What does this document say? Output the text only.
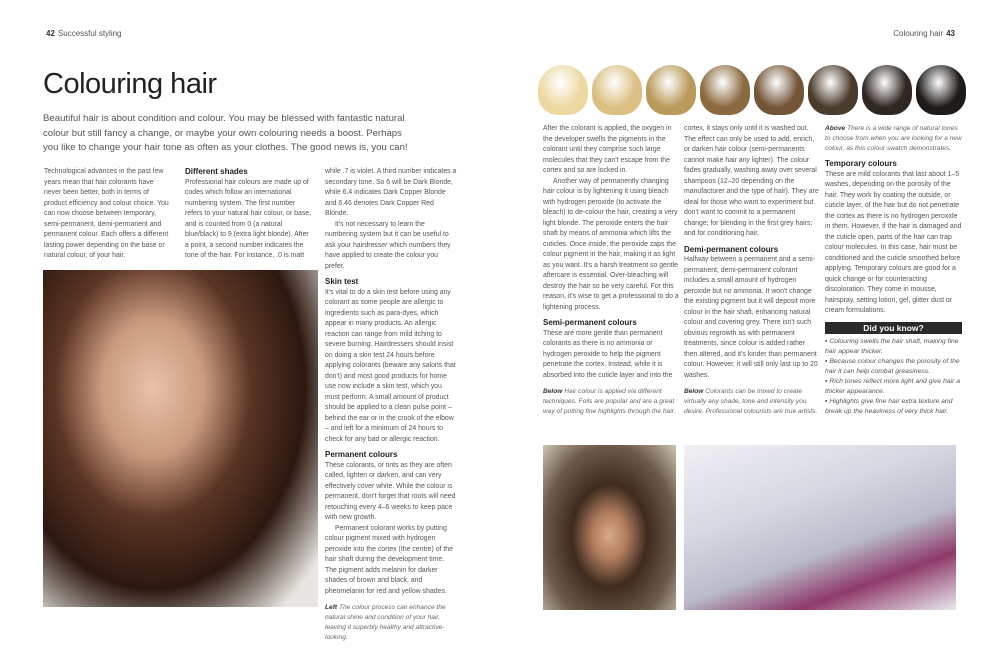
42 Successful styling	Colouring hair 43
Colouring hair

Beautiful hair is about condition and colour. You may be blessed with fantastic natural colour but still fancy a change, or maybe your own colouring needs a boost. Perhaps you like to change your hair tone as often as your clothes. The good news is, you can!

Technological advances in the past few years mean that hair colorants have never been better, both in terms of product efficiency and colour choice. You can now choose between temporary, semi-permanent, demi-permanent and permanent colour. Each offers a different lasting power depending on the base or natural colour, of your hair.

Different shades

Professional hair colours are made up of codes which follow an international numbering system. The first number refers to your natural hair colour, or base, and is counted from 0 (a natural blue/black) to 9 (extra light blonde). After a point, a second number indicates the tone of the hair. For instance, .0 is matt

while .7 is violet. A third number indicates a secondary tone. So 6 will be Dark Blonde, while 6.4 indicates Dark Copper Blonde and 6.46 denotes Dark Copper Red Blonde.

It's not necessary to learn the numbering system but it can be useful to ask your hairdresser which numbers they have applied to create the colour you prefer.

Skin test

It's vital to do a skin test before using any colorant as some people are allergic to ingredients such as para-dyes, which appear in many products. An allergic reaction can range from mild itching to severe burning. Hairdressers should insist on doing a skin test 24 hours before applying colorants (beware any salons that don't) and most good products for home use now include a skin test, which you must perform. A small amount of product should be applied to a clean pulse point – behind the ear or in the crook of the elbow – and left for a minimum of 24 hours to check for any bad or allergic reaction.

Permanent colours

These colorants, or tints as they are often called, lighten or darken, and can very effectively cover white. While the colour is permanent, don't forget that roots will need retouching every 4–6 weeks to keep pace with new growth.

Permanent colorant works by putting colour pigment mixed with hydrogen peroxide into the cortex (the centre) of the hair shaft during the development time. The pigment adds melanin for darker shades of brown and black, and pheomelanin for red and yellow shades.

Left The colour process can enhance the natural shine and condition of your hair, leaving it superbly healthy and attractive-looking.

After the colorant is applied, the oxygen in the developer swells the pigments in the colorant until they comprise such large molecules that they can't escape from the cortex and so are locked in.

Another way of permanently changing hair colour is by lightening it using bleach with hydrogen peroxide (to activate the bleach) to de-colour the hair, creating a very light blonde. The peroxide enters the hair shaft by means of ammonia which lifts the cuticles. Once inside, the peroxide zaps the colour pigment in the hair, making it as light as you want. It's a harsh treatment so gentle aftercare is essential. Over-bleaching will destroy the hair so be very careful. For this reason, it's wise to get a professional to do a lightening process.

Semi-permanent colours

These are more gentle than permanent colorants as there is no ammonia or hydrogen peroxide to help the pigment penetrate the cortex. Instead, while it is absorbed into the cuticle layer and into the

Below Hair colour is applied via different techniques. Foils are popular and are a great way of putting fine highlights through the hair.

cortex, it stays only until it is washed out. The effect can only be used to add, enrich, or darken hair colour (semi-permanents cannot make hair any lighter). The colour fades gradually, washing away over several shampoos (12–20 depending on the manufacturer and the type of hair). They are ideal for those who want to experiment but don't want to commit to a permanent change; for blending in the first grey hairs; and for conditioning hair.

Demi-permanent colours

Halfway between a permanent and a semi-permanent, demi-permanent colorant includes a small amount of hydrogen peroxide but no ammonia. It won't change the existing pigment but it will deposit more colour in the hair shaft, enhancing natural colour and covering grey. There isn't such obvious regrowth as with permanent treatments, since colour is added rather then altered, and it's kinder than permanent colour. However, it will still only last up to 20 washes.

Below Colorants can be mixed to create virtually any shade, tone and intensity you desire. Professional colourists are true artists.

Above There is a wide range of natural tones to choose from when you are looking for a new colour, as this colour swatch demonstrates.

Temporary colours

These are mild colorants that last about 1–5 washes, depending on the porosity of the hair. They work by coating the outside, or cuticle layer, of the hair but do not penetrate the cortex as there is no hydrogen peroxide in them. However, if the hair is damaged and the cuticle open, parts of the hair can trap colour molecules. In this case, hair must be conditioned and the cuticle smoothed before applying. Temporary colours are good for a quick change or for counteracting discoloration. They come in mousse, hairspray, setting lotion, gel, glitter dust or cream formulations.

Did you know?

▪ Colouring swells the hair shaft, making fine hair appear thicker.

▪ Because colour changes the porosity of the hair it can help combat greasiness.

▪ Rich tones reflect more light and give hair a thicker appearance.

▪ Highlights give fine hair extra texture and break up the heaviness of very thick hair.
